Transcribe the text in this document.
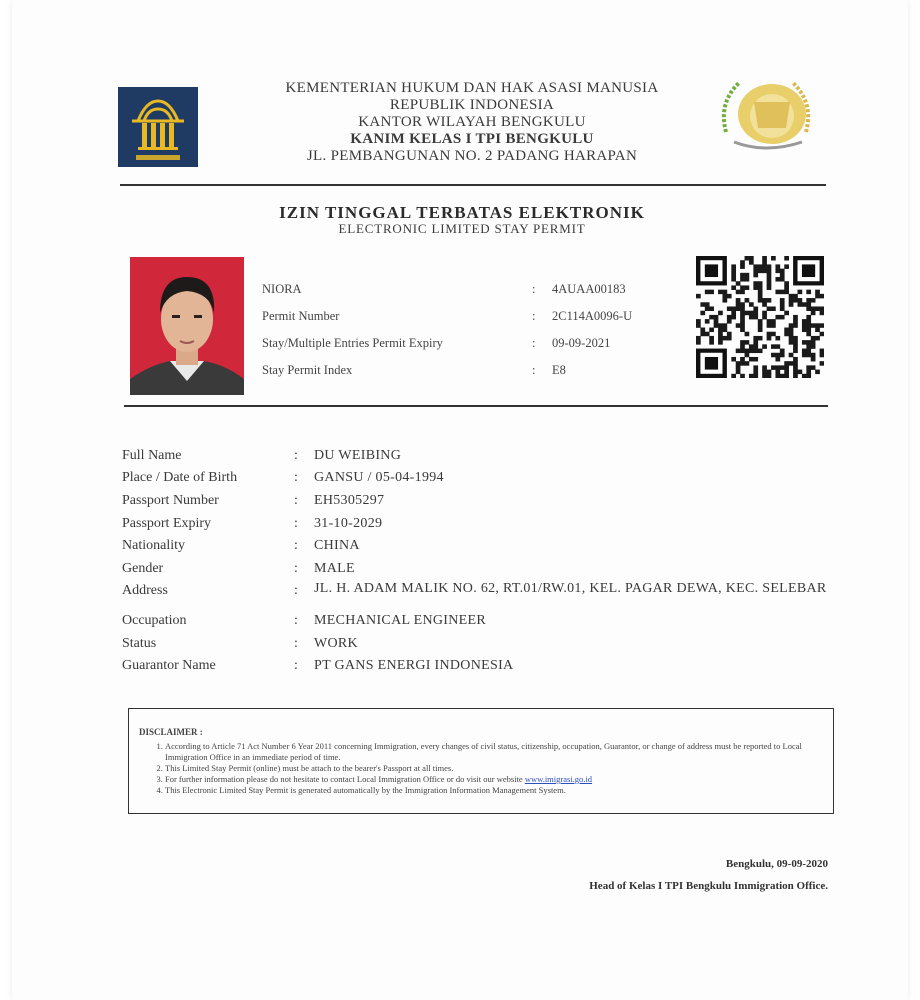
KEMENTERIAN HUKUM DAN HAK ASASI MANUSIA
REPUBLIK INDONESIA
KANTOR WILAYAH BENGKULU
KANIM KELAS I TPI BENGKULU
JL. PEMBANGUNAN NO. 2 PADANG HARAPAN
IZIN TINGGAL TERBATAS ELEKTRONIK
ELECTRONIC LIMITED STAY PERMIT
NIORA	: 4AUAA00183
Permit Number	: 2C114A0096-U
Stay/Multiple Entries Permit Expiry	: 09-09-2021
Stay Permit Index	: E8
Full Name	: DU WEIBING
Place / Date of Birth	: GANSU / 05-04-1994
Passport Number	: EH5305297
Passport Expiry	: 31-10-2029
Nationality	: CHINA
Gender	: MALE
Address	: JL. H. ADAM MALIK NO. 62, RT.01/RW.01, KEL. PAGAR DEWA, KEC. SELEBAR
Occupation	: MECHANICAL ENGINEER
Status	: WORK
Guarantor Name	: PT GANS ENERGI INDONESIA
DISCLAIMER :
1. According to Article 71 Act Number 6 Year 2011 concerning Immigration, every changes of civil status, citizenship, occupation, Guarantor, or change of address must be reported to Local Immigration Office in an immediate period of time.
2. This Limited Stay Permit (online) must be attach to the bearer's Passport at all times.
3. For further information please do not hesitate to contact Local Immigration Office or do visit our website www.imigrasi.go.id
4. This Electronic Limited Stay Permit is generated automatically by the Immigration Information Management System.
Bengkulu, 09-09-2020
Head of Kelas I TPI Bengkulu Immigration Office.
